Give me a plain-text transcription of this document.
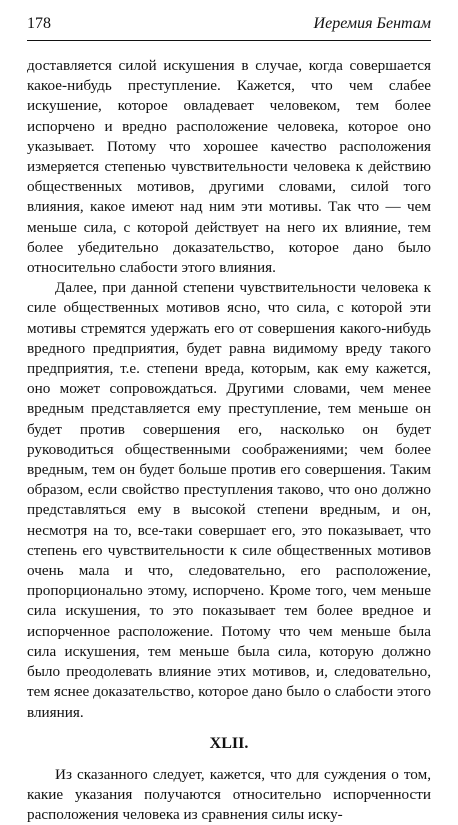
178	Иеремия Бентам

доставляется силой искушения в случае, когда совершается какое-нибудь преступление. Кажется, что чем слабее искушение, которое овладевает человеком, тем более испорчено и вредно расположение человека, которое оно указывает. Потому что хорошее качество расположения измеряется степенью чувствительности человека к действию общественных мотивов, другими словами, силой того влияния, какое имеют над ним эти мотивы. Так что — чем меньше сила, с которой действует на него их влияние, тем более убедительно доказательство, которое дано было относительно слабости этого влияния.

Далее, при данной степени чувствительности человека к силе общественных мотивов ясно, что сила, с которой эти мотивы стремятся удержать его от совершения какого-нибудь вредного предприятия, будет равна видимому вреду такого предприятия, т.е. степени вреда, которым, как ему кажется, оно может сопровождаться. Другими словами, чем менее вредным представляется ему преступление, тем меньше он будет против совершения его, насколько он будет руководиться общественными соображениями; чем более вредным, тем он будет больше против его совершения. Таким образом, если свойство преступления таково, что оно должно представляться ему в высокой степени вредным, и он, несмотря на то, все-таки совершает его, это показывает, что степень его чувствительности к силе общественных мотивов очень мала и что, следовательно, его расположение, пропорционально этому, испорчено. Кроме того, чем меньше сила искушения, то это показывает тем более вредное и испорченное расположение. Потому что чем меньше была сила искушения, тем меньше была сила, которую должно было преодолевать влияние этих мотивов, и, следовательно, тем яснее доказательство, которое дано было о слабости этого влияния.

XLII.

Из сказанного следует, кажется, что для суждения о том, какие указания получаются относительно испорченности расположения человека из сравнения силы иску-
